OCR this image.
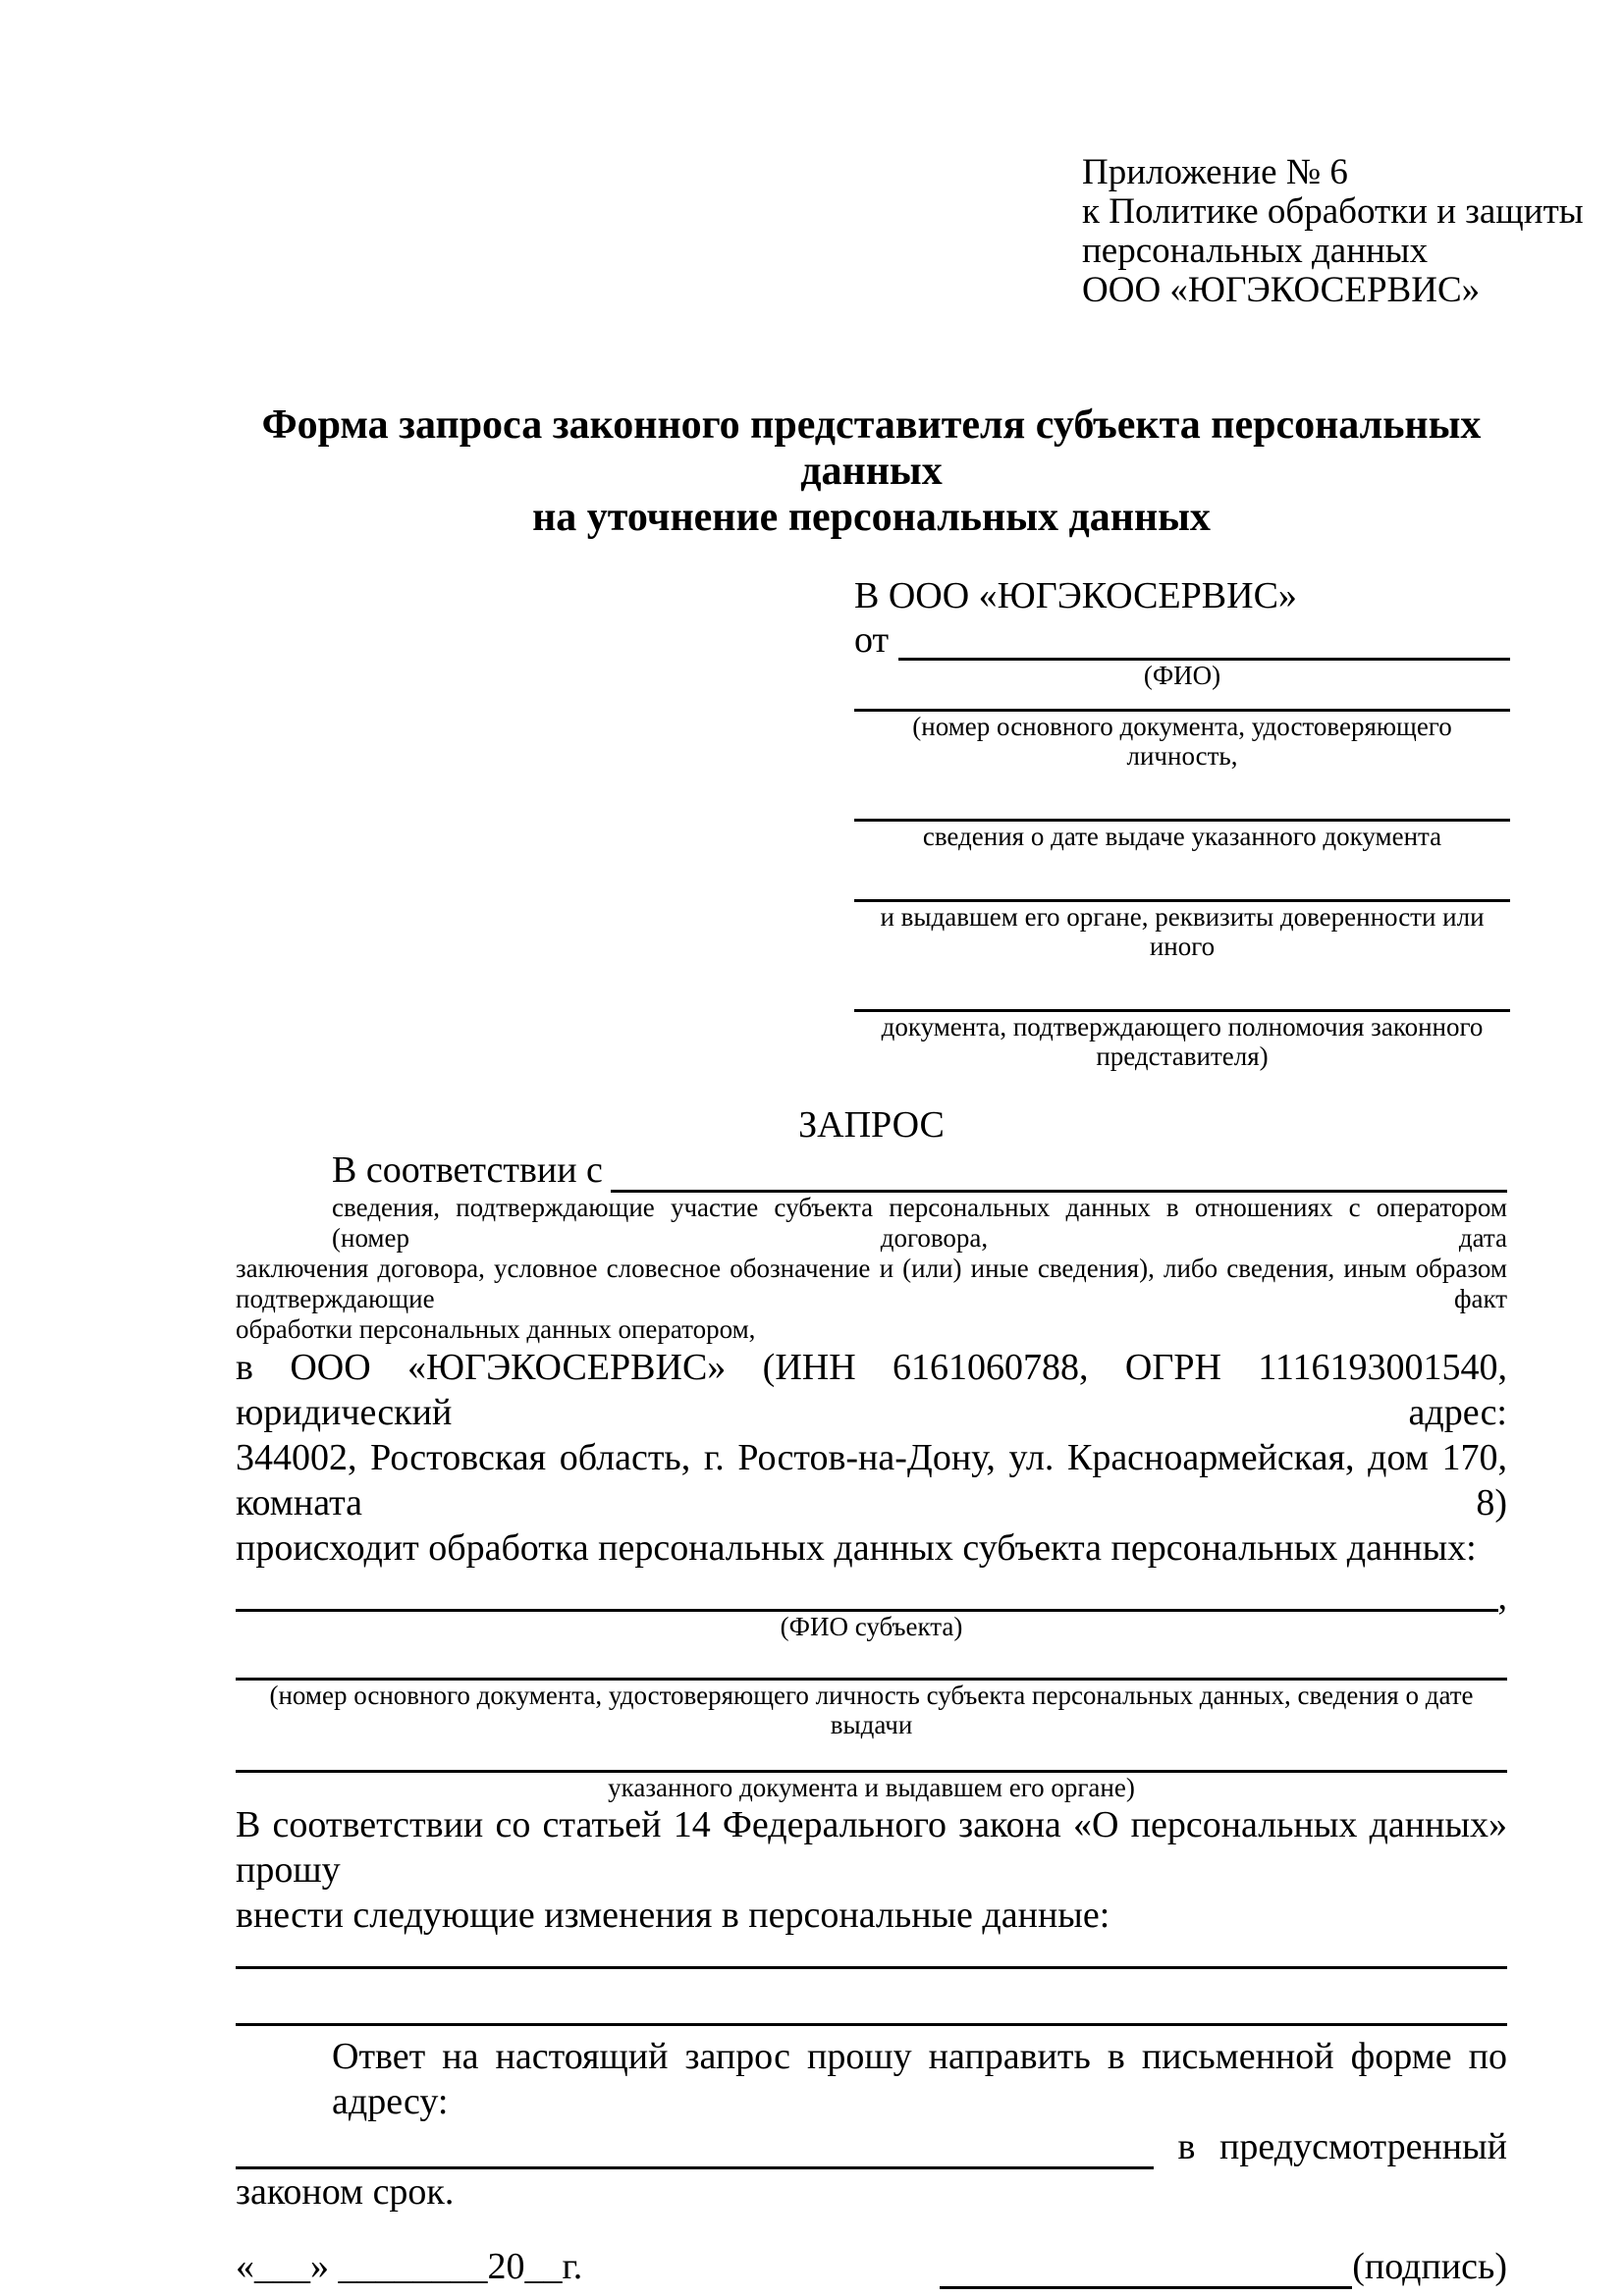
Приложение № 6
к Политике обработки и защиты
персональных данных
ООО «ЮГЭКОСЕРВИС»
Форма запроса законного представителя субъекта персональных данных
на уточнение персональных данных
В ООО «ЮГЭКОСЕРВИС»
от
(ФИО)
(номер основного документа, удостоверяющего личность,
сведения о дате выдаче указанного документа
и выдавшем его органе, реквизиты доверенности или иного
документа, подтверждающего полномочия законного представителя)
ЗАПРОС
В соответствии с
сведения, подтверждающие участие субъекта персональных данных в отношениях с оператором (номер договора, дата
заключения договора, условное словесное обозначение и (или) иные сведения), либо сведения, иным образом подтверждающие факт
обработки персональных данных оператором,
в ООО «ЮГЭКОСЕРВИС» (ИНН 6161060788, ОГРН 1116193001540, юридический адрес:
344002, Ростовская область, г. Ростов-на-Дону, ул. Красноармейская, дом 170, комната 8)
происходит обработка персональных данных субъекта персональных данных:
,
(ФИО субъекта)
(номер основного документа, удостоверяющего личность субъекта персональных данных, сведения о дате выдачи
указанного документа и выдавшем его органе)
В соответствии со статьей 14 Федерального закона «О персональных данных» прошу
внести следующие изменения в персональные данные:
Ответ на настоящий запрос прошу направить в письменной форме по адресу:
в предусмотренный
законом срок.
«___» ________20__г.	(подпись)
